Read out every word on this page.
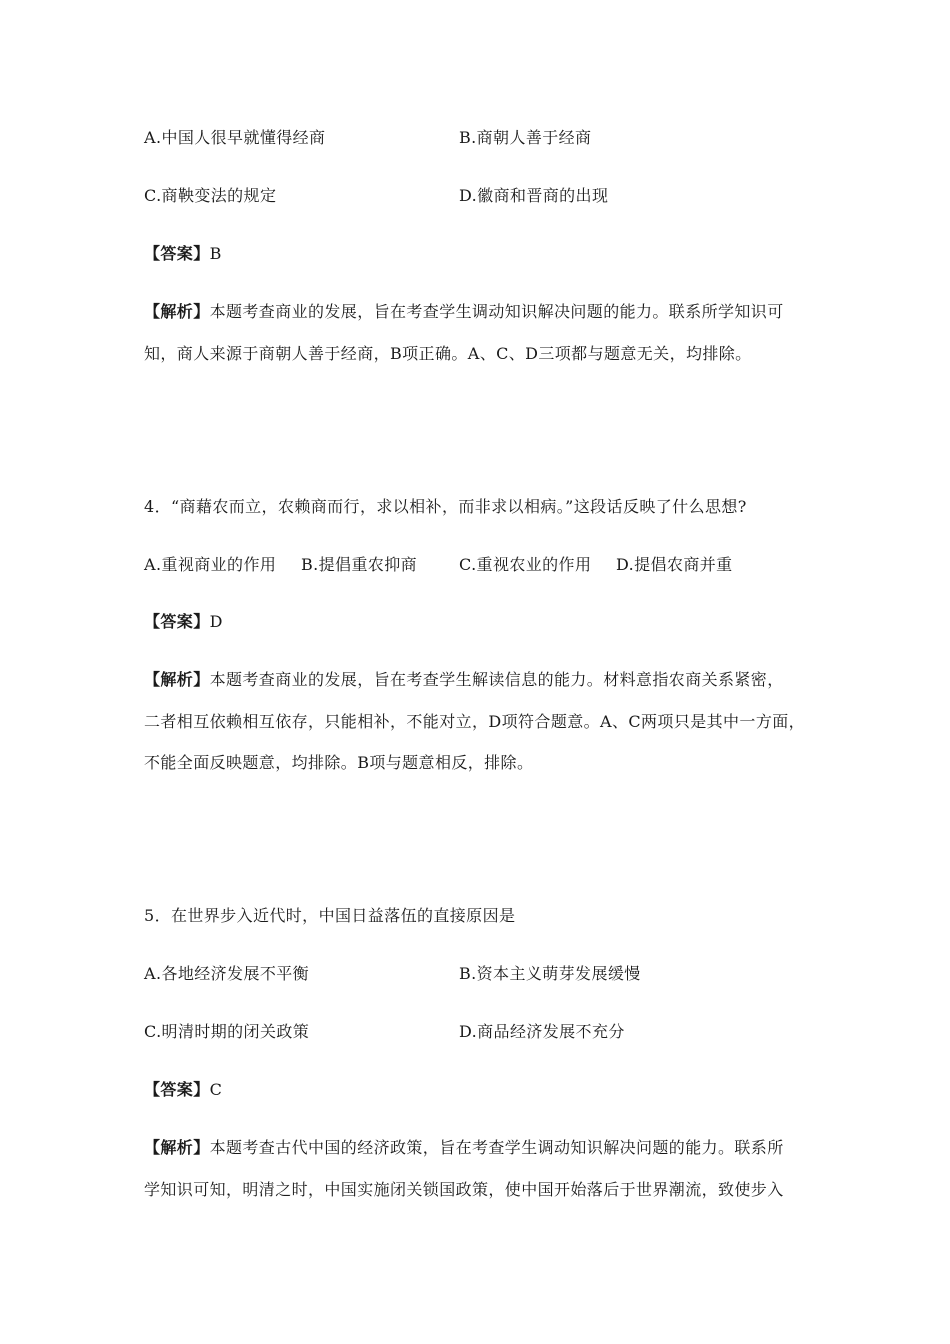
A.中国人很早就懂得经商	B.商朝人善于经商
C.商鞅变法的规定	D.徽商和晋商的出现
【答案】B
【解析】本题考查商业的发展，旨在考查学生调动知识解决问题的能力。联系所学知识可
知，商人来源于商朝人善于经商，B项正确。A、C、D三项都与题意无关，均排除。
4．“商藉农而立，农赖商而行，求以相补，而非求以相病。”这段话反映了什么思想?
A.重视商业的作用 B.提倡重农抑商	C.重视农业的作用 D.提倡农商并重
【答案】D
【解析】本题考查商业的发展，旨在考查学生解读信息的能力。材料意指农商关系紧密，
二者相互依赖相互依存，只能相补，不能对立，D项符合题意。A、C两项只是其中一方面，
不能全面反映题意，均排除。B项与题意相反，排除。
5．在世界步入近代时，中国日益落伍的直接原因是
A.各地经济发展不平衡	B.资本主义萌芽发展缓慢
C.明清时期的闭关政策	D.商品经济发展不充分
【答案】C
【解析】本题考查古代中国的经济政策，旨在考查学生调动知识解决问题的能力。联系所
学知识可知，明清之时，中国实施闭关锁国政策，使中国开始落后于世界潮流，致使步入
